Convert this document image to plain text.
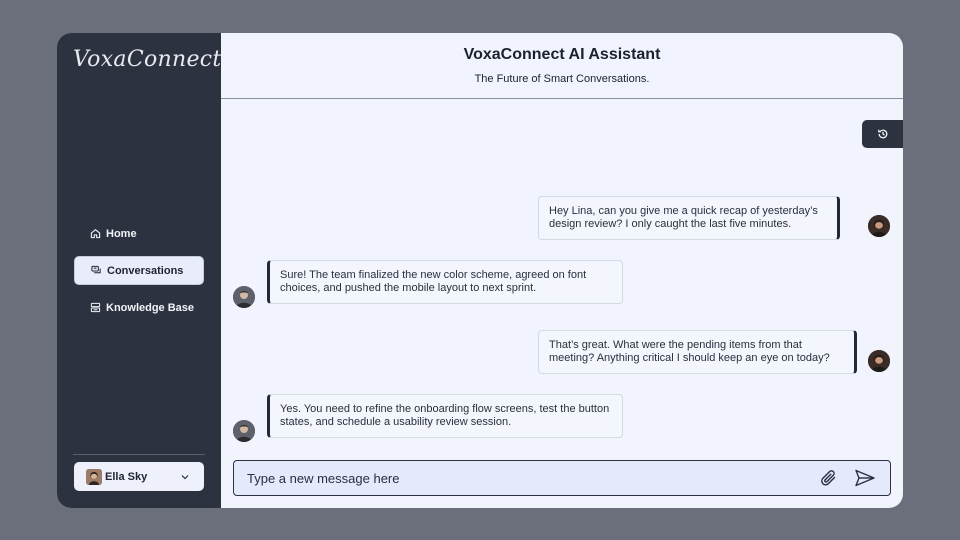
VoxaConnect
Home
Conversations
Knowledge Base
Ella Sky
VoxaConnect AI Assistant
The Future of Smart Conversations.
Hey Lina, can you give me a quick recap of yesterday’s design review? I only caught the last five minutes.
Sure! The team finalized the new color scheme, agreed on font choices, and pushed the mobile layout to next sprint.
That’s great. What were the pending items from that meeting? Anything critical I should keep an eye on today?
Yes. You need to refine the onboarding flow screens, test the button states, and schedule a usability review session.
Type a new message here
